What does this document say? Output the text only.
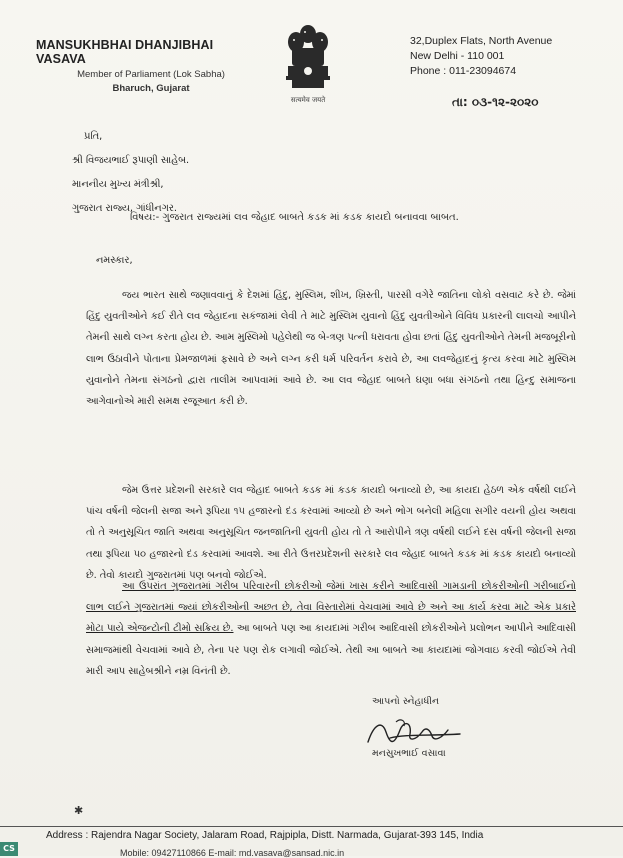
MANSUKHBHAI DHANJIBHAI VASAVA
Member of Parliament (Lok Sabha)
Bharuch, Gujarat
सत्यमेव जयते
32,Duplex Flats, North Avenue
New Delhi - 110 001
Phone : 011-23094674
તા: ૦૩-૧૨-૨૦૨૦
પ્રતિ,
શ્રી વિજયભાઈ રૂપાણી સાહેબ.
માનનીય મુખ્ય મંત્રીશ્રી,
ગુજરાત રાજ્ય, ગાંધીનગર.
વિષય:- ગુજરાત રાજ્યમાં લવ જેહાદ બાબતે કડક માં કડક કાયદો બનાવવા બાબત.
નમસ્કાર,
જય ભારત સાથે જણાવવાનું કે દેશમાં હિંદુ, મુસ્લિમ, શીખ, ખ્રિસ્તી, પારસી વગેરે જાતિના લોકો વસવાટ કરે છે. જેમાં હિંદુ યુવતીઓને કઈ રીતે લવ જેહાદના સકંજામાં લેવી તે માટે મુસ્લિમ યુવાનો હિંદુ યુવતીઓને વિવિધ પ્રકારની લાલચો આપીને તેમની સાથે લગ્ન કરતા હોય છે. આમ મુસ્લિમો પહેલેથી જ બે-ત્રણ પત્ની ધરાવતા હોવા છતાં હિંદુ યુવતીઓને તેમની મજબૂરીનો લાભ ઉઠાવીને પોતાના પ્રેમજાળમાં ફસાવે છે અને લગ્ન કરી ધર્મ પરિવર્તન કરાવે છે, આ લવજેહાદનું કૃત્ય કરવા માટે મુસ્લિમ યુવાનોને તેમના સંગઠનો દ્વારા તાલીમ આપવામાં આવે છે. આ લવ જેહાદ બાબતે ઘણા બધા સંગઠનો તથા હિન્દુ સમાજના આગેવાનોએ મારી સમક્ષ રજૂઆત કરી છે.
જેમ ઉત્તર પ્રદેશની સરકારે લવ જેહાદ બાબતે કડક માં કડક કાયદો બનાવ્યો છે, આ કાયદા હેઠળ એક વર્ષથી લઈને પાંચ વર્ષની જેલની સજા અને રૂપિયા ૧૫ હજારનો દંડ કરવામાં આવ્યો છે અને ભોગ બનેલી મહિલા સગીર વયની હોય અથવા તો તે અનુસૂચિત જાતિ અથવા અનુસૂચિત જનજાતિની યુવતી હોય તો તે આરોપીને ત્રણ વર્ષથી લઈને દસ વર્ષની જેલની સજા તથા રૂપિયા ૫૦ હજારનો દંડ કરવામાં આવશે. આ રીતે ઉત્તરપ્રદેશની સરકારે લવ જેહાદ બાબતે કડક માં કડક કાયદો બનાવ્યો છે. તેવો કાયદો ગુજરાતમાં પણ બનવો જોઈએ.
આ ઉપરાંત ગુજરાતમાં ગરીબ પરિવારની છોકરીઓ જેમાં ખાસ કરીને આદિવાસી ગામડાની છોકરીઓની ગરીબાઈનો લાભ લઈને ગુજરાતમાં જ્યાં છોકરીઓની અછત છે, તેવા વિસ્તારોમાં વેચવામાં આવે છે અને આ કાર્ય કરવા માટે એક પ્રકારે મોટા પાયે એજન્ટોની ટીમો સક્રિય છે. આ બાબતે પણ આ કાયદામાં ગરીબ આદિવાસી છોકરીઓને પ્રલોભન આપીને આદિવાસી સમાજમાંથી વેચવામાં આવે છે, તેના પર પણ રોક લગાવી જોઈએ. તેથી આ બાબતે આ કાયદામાં જોગવાઇ કરવી જોઈએ તેવી મારી આપ સાહેબશ્રીને નમ્ર વિનંતી છે.
આપનો સ્નેહાધીન
મનસુખભાઈ વસાવા
✱
Address : Rajendra Nagar Society, Jalaram Road, Rajpipla, Distt. Narmada, Gujarat-393 145, India
Mobile: 09427110866 E-mail: md.vasava@sansad.nic.in
CS
